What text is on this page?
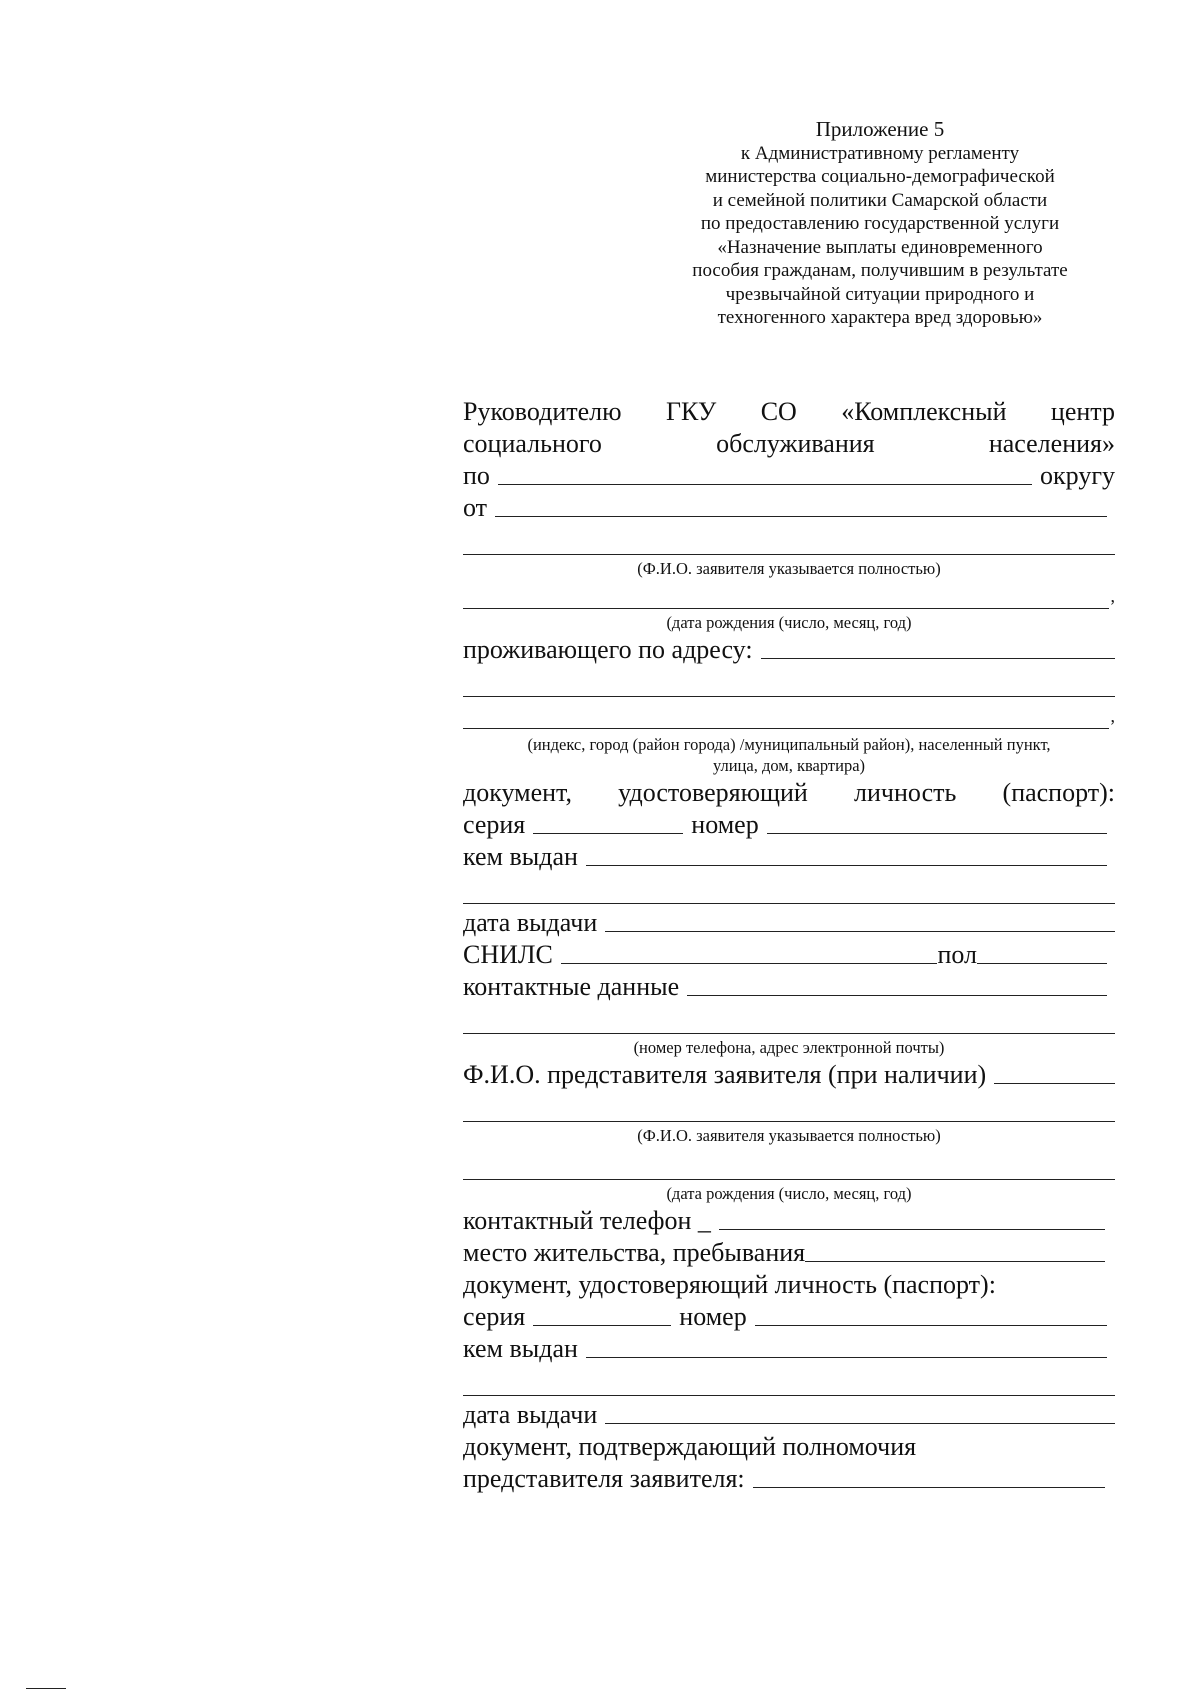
Приложение 5
к Административному регламенту
министерства социально-демографической
и семейной политики Самарской области
по предоставлению государственной услуги
«Назначение выплаты единовременного
пособия гражданам, получившим в результате
чрезвычайной ситуации природного и
техногенного характера вред здоровью»
Руководителю ГКУ СО «Комплексный центр
социального	обслуживания	населения»
по	округу
от
(Ф.И.О. заявителя указывается полностью)
,
(дата рождения (число, месяц, год)
проживающего по адресу:
,
(индекс, город (район города) /муниципальный район), населенный пункт,
улица, дом, квартира)
документ, удостоверяющий личность (паспорт):
серия	номер
кем выдан
дата выдачи
СНИЛС	пол
контактные данные
(номер телефона, адрес электронной почты)
Ф.И.О. представителя заявителя (при наличии)
(Ф.И.О. заявителя указывается полностью)
(дата рождения (число, месяц, год)
контактный телефон _
место жительства, пребывания
документ, удостоверяющий личность (паспорт):
серия	номер
кем выдан
дата выдачи
документ, подтверждающий полномочия
представителя заявителя:
